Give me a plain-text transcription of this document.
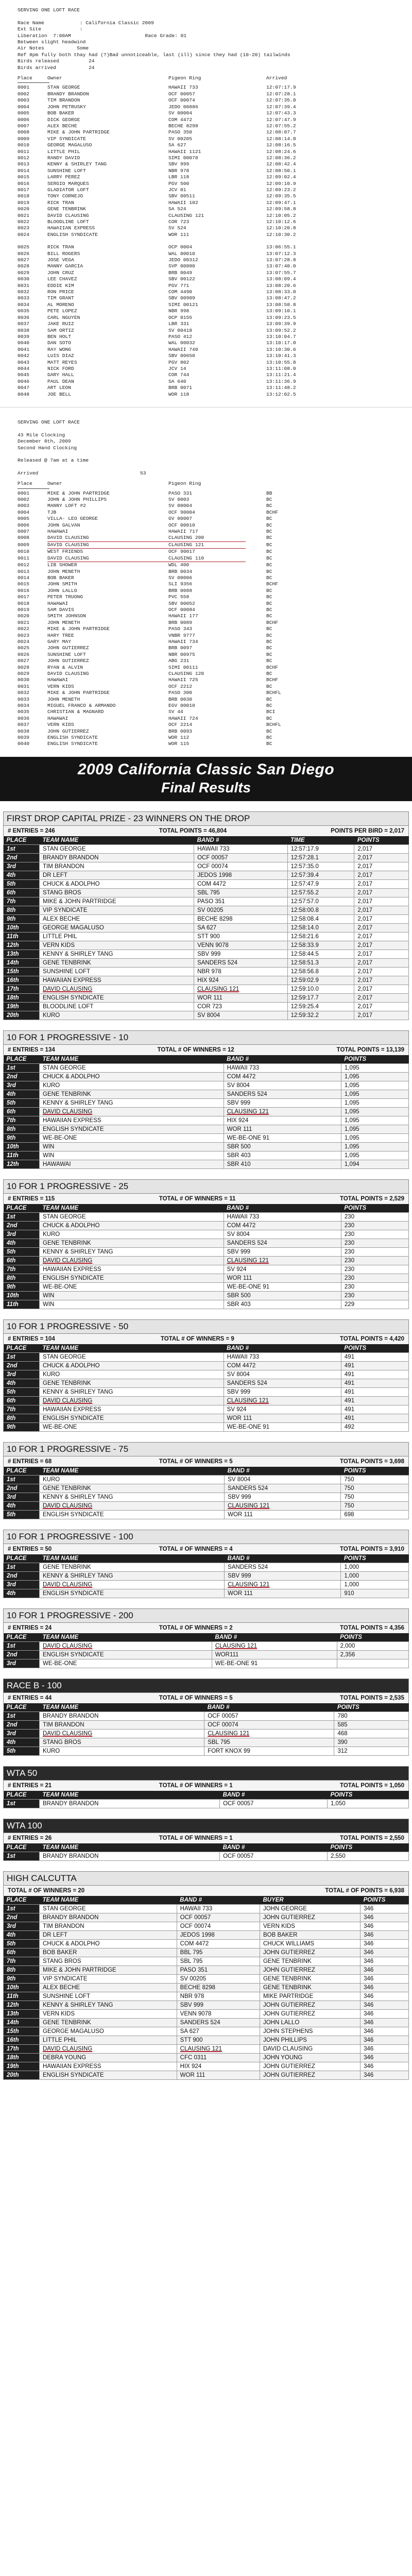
SERVING ONE LOFT RACE

Race Name            : California Classic 2009
Ext Site             :
Liberation  7:00AM                         Race Grade: 01
Between slight headwind
Air Notes           Some
Ref 8pm fully both thay had (?)Bad unnoticeable, last (ill) since they had (10-20) tailwinds
Birds released	24
Birds arrived	24
Place	Owner	Pigeon Ring	Arrived
0001	STAN GEORGE	HAWAII 733	12:07:17.9
0002	BRANDY BRANDON	OCF 00057	12:07:28.1
0003	TIM BRANDON	OCF 00074	12:07:35.0
0004	JOHN PETRUSKY	JEDO 00886	12:07:39.4
0005	BOB BAKER	SV 00004	12:07:43.3
0006	DICK GEORGE	COM 4472	12:07:47.9
0007	ALEX BECHE	BECHE 8298	12:07:55.2
0008	MIKE & JOHN PARTRIDGE	PASO 350	12:08:07.7
0009	VIP SYNDICATE	SV 00205	12:08:14.0
0010	GEORGE MAGALUSO	SA 627	12:08:16.5
0011	LITTLE PHIL	HAWAII 1121	12:08:24.6
0012	RANDY DAVID	SIMI 00070	12:08:36.2
0013	KENNY & SHIRLEY TANG	SBV 999	12:08:42.4
0014	SUNSHINE LOFT	NBR 978	12:08:50.1
0015	LARRY PEREZ	LBR 118	12:09:02.4
0016	SERGIO MARQUES	PGV 500	12:09:10.9
0017	GLADIATOR LOFT	JCV 01	12:09:23.2
0018	TONY CORNEJO	SBV 00511	12:09:35.5
0019	RICK TRAN	HAWAII 102	12:09:47.1
0020	GENE TENBRINK	SA 524	12:09:58.8
0021	DAVID CLAUSING	CLAUSING 121	12:10:05.2
0022	BLOODLINE LOFT	COR 723	12:10:12.6
0023	HAWAIIAN EXPRESS	SV 524	12:10:20.8
0024	ENGLISH SYNDICATE	WOR 111	12:10:30.2
0025	RICK TRAN	OCP 0004	13:06:55.1
0026	BILL ROGERS	WAL 00010	13:07:12.3
0027	JOSE VEGA	JEDO 00312	13:07:28.8
0028	MANNY GARCIA	SVP 00880	13:07:40.0
0029	JOHN CRUZ	BRB 0049	13:07:55.7
0030	LEE CHAVEZ	SBV 00122	13:08:09.4
0031	EDDIE KIM	PGV 771	13:08:20.6
0032	RON PRICE	COM 4490	13:08:33.0
0033	TIM GRANT	SBV 00909	13:08:47.2
0034	AL MORENO	SIMI 00121	13:08:58.8
0035	PETE LOPEZ	NBR 998	13:09:10.1
0036	CARL NGUYEN	OCP 0155	13:09:23.5
0037	JAKE RUIZ	LBR 331	13:09:39.9
0038	SAM ORTIZ	SV 00418	13:09:52.2
0039	BEN HOLT	PASO 412	13:10:04.7
0040	DAN SOTO	WAL 00032	13:10:17.0
0041	RAY WONG	HAWAII 740	13:10:30.6
0042	LUIS DIAZ	SBV 00650	13:10:41.3
0043	MATT REYES	PGV 802	13:10:55.8
0044	NICK FORD	JCV 14	13:11:08.0
0045	GARY HALL	COR 744	13:11:21.4
0046	PAUL DEAN	SA 640	13:11:36.9
0047	ART LEON	BRB 0071	13:11:48.2
0048	JOE BELL	WOR 118	13:12:02.5
SERVING ONE LOFT RACE

43 Mile Clocking
December 8th, 2009
Second Hand Clocking

Released @ 7am at a time
Arrived	53
Place	Owner	Pigeon Ring
0001	MIKE & JOHN PARTRIDGE	PASO 331	BB
0002	JOHN & JOHN PHILLIPS	SV 0003	BC
0003	MANNY LOFT #2	SV 00004	BC
0004	TJB	OCF 90004	BCHF
0005	VILLA- LEO GEORGE	GV 00007	BC
0006	JOHN GALVAN	OCF 00010	BC
0007	HAWAWAI	HAWAII 717	BC
0008	DAVID CLAUSING	CLAUSING 200	BC
0009	DAVID CLAUSING	CLAUSING 121	BC
0010	WEST FRIENDS	OCF 90017	BC
0011	DAVID CLAUSING	CLAUSING 110	BC
0012	LIB SHOWER	WDL 400	BC
0013	JOHN MENETH	BRB 0034	BC
0014	BOB BAKER	SV 00006	BC
0015	JOHN SMITH	SLI 9356	BCHF
0016	JOHN LALLO	BRB 0088	BC
0017	PETER TRUONG	PVC 558	BC
0018	HAWAWAI	SBV 00052	BC
0019	SAM DAVIS	OCF 00084	BC
0020	SMITH JOHNSON	HAWAII 177	BC
0021	JOHN MENETH	BRB 0089	BCHF
0022	MIKE & JOHN PARTRIDGE	PASO 343	BC
0023	HARY TREE	VNBR 9777	BC
0024	GARY MAY	HAWAII 734	BC
0025	JOHN GUTIERREZ	BRB 0097	BC
0026	SUNSHINE LOFT	NBR 00975	BC
0027	JOHN GUTIERREZ	ABG 231	BC
0028	RYAN & ALVIN	SIMI 00111	BCHF
0029	DAVID CLAUSING	CLAUSING 120	BC
0030	HAWAWAI	HAWAII 725	BCHF
0031	VERN KIDS	OCF 2212	BC
0032	MIKE & JOHN PARTRIDGE	PASO 300	BCHFL
0033	JOHN MENETH	BRB 0030	BC
0034	MIGUEL FRANCO & ARMANDO	EGV 00010	BC
0035	CHRISTIAN & MAGNARD	SV 44	BCI
0036	HAWAWAI	HAWAII 724	BC
0037	VERN KIDS	OCF 2214	BCHFL
0038	JOHN GUTIERREZ	BRB 0093	BC
0039	ENGLISH SYNDICATE	WOR 112	BC
0040	ENGLISH SYNDICATE	WOR 115	BC
2009 California Classic San Diego
Final Results
FIRST DROP CAPITAL PRIZE - 23 WINNERS ON THE DROP
# ENTRIES = 246	TOTAL POINTS = 46,804	POINTS PER BIRD = 2,017
PLACE	TEAM NAME	BAND #	TIME	POINTS
1st	STAN GEORGE	HAWAII 733	12:57:17.9	2,017
2nd	BRANDY BRANDON	OCF 00057	12:57:28.1	2,017
3rd	TIM BRANDON	OCF 00074	12:57:35.0	2,017
4th	DR LEFT	JEDOS 1998	12:57:39.4	2,017
5th	CHUCK & ADOLPHO	COM 4472	12:57:47.9	2,017
6th	STANG BROS	SBL 795	12:57:55.2	2,017
7th	MIKE & JOHN PARTRIDGE	PASO 351	12:57:57.0	2,017
8th	VIP SYNDICATE	SV 00205	12:58:00.8	2,017
9th	ALEX BECHE	BECHE 8298	12:58:08.4	2,017
10th	GEORGE MAGALUSO	SA 627	12:58:14.0	2,017
11th	LITTLE PHIL	STT 900	12:58:21.6	2,017
12th	VERN KIDS	VENN 9078	12:58:33.9	2,017
13th	KENNY & SHIRLEY TANG	SBV 999	12:58:44.5	2,017
14th	GENE TENBRINK	SANDERS 524	12:58:51.3	2,017
15th	SUNSHINE LOFT	NBR 978	12:58:56.8	2,017
16th	HAWAIIAN EXPRESS	HIX 924	12:59:02.9	2,017
17th	DAVID CLAUSING	CLAUSING 121	12:59:10.0	2,017
18th	ENGLISH SYNDICATE	WOR 111	12:59:17.7	2,017
19th	BLOODLINE LOFT	COR 723	12:59:25.4	2,017
20th	KURO	SV 8004	12:59:32.2	2,017
10 FOR 1 PROGRESSIVE - 10
# ENTRIES = 134	TOTAL # OF WINNERS = 12	TOTAL POINTS = 13,139
PLACE	TEAM NAME	BAND #	POINTS
1st	STAN GEORGE	HAWAII 733	1,095
2nd	CHUCK & ADOLPHO	COM 4472	1,095
3rd	KURO	SV 8004	1,095
4th	GENE TENBRINK	SANDERS 524	1,095
5th	KENNY & SHIRLEY TANG	SBV 999	1,095
6th	DAVID CLAUSING	CLAUSING 121	1,095
7th	HAWAIIAN EXPRESS	HIX 924	1,095
8th	ENGLISH SYNDICATE	WOR 111	1,095
9th	WE-BE-ONE	WE-BE-ONE 91	1,095
10th	WIN	SBR 500	1,095
11th	WIN	SBR 403	1,095
12th	HAWAWAI	SBR 410	1,094
10 FOR 1 PROGRESSIVE - 25
# ENTRIES = 115	TOTAL # OF WINNERS = 11	TOTAL POINTS = 2,529
PLACE	TEAM NAME	BAND #	POINTS
1st	STAN GEORGE	HAWAII 733	230
2nd	CHUCK & ADOLPHO	COM 4472	230
3rd	KURO	SV 8004	230
4th	GENE TENBRINK	SANDERS 524	230
5th	KENNY & SHIRLEY TANG	SBV 999	230
6th	DAVID CLAUSING	CLAUSING 121	230
7th	HAWAIIAN EXPRESS	SV 924	230
8th	ENGLISH SYNDICATE	WOR 111	230
9th	WE-BE-ONE	WE-BE-ONE 91	230
10th	WIN	SBR 500	230
11th	WIN	SBR 403	229
10 FOR 1 PROGRESSIVE - 50
# ENTRIES = 104	TOTAL # OF WINNERS = 9	TOTAL POINTS = 4,420
PLACE	TEAM NAME	BAND #	POINTS
1st	STAN GEORGE	HAWAII 733	491
2nd	CHUCK & ADOLPHO	COM 4472	491
3rd	KURO	SV 8004	491
4th	GENE TENBRINK	SANDERS 524	491
5th	KENNY & SHIRLEY TANG	SBV 999	491
6th	DAVID CLAUSING	CLAUSING 121	491
7th	HAWAIIAN EXPRESS	SV 924	491
8th	ENGLISH SYNDICATE	WOR 111	491
9th	WE-BE-ONE	WE-BE-ONE 91	492
10 FOR 1 PROGRESSIVE - 75
# ENTRIES = 68	TOTAL # OF WINNERS = 5	TOTAL POINTS = 3,698
PLACE	TEAM NAME	BAND #	POINTS
1st	KURO	SV 8004	750
2nd	GENE TENBRINK	SANDERS 524	750
3rd	KENNY & SHIRLEY TANG	SBV 999	750
4th	DAVID CLAUSING	CLAUSING 121	750
5th	ENGLISH SYNDICATE	WOR 111	698
10 FOR 1 PROGRESSIVE - 100
# ENTRIES = 50	TOTAL # OF WINNERS = 4	TOTAL POINTS = 3,910
PLACE	TEAM NAME	BAND #	POINTS
1st	GENE TENBRINK	SANDERS 524	1,000
2nd	KENNY & SHIRLEY TANG	SBV 999	1,000
3rd	DAVID CLAUSING	CLAUSING 121	1,000
4th	ENGLISH SYNDICATE	WOR 111	910
10 FOR 1 PROGRESSIVE - 200
# ENTRIES = 24	TOTAL # OF WINNERS = 2	TOTAL POINTS = 4,356
PLACE	TEAM NAME	BAND #	POINTS
1st	DAVID CLAUSING	CLAUSING 121	2,000
2nd	ENGLISH SYNDICATE	WOR111	2,356
3rd	WE-BE-ONE	WE-BE-ONE 91	
RACE B - 100
# ENTRIES = 44	TOTAL # OF WINNERS = 5	TOTAL POINTS = 2,535
PLACE	TEAM NAME	BAND #	POINTS
1st	BRANDY BRANDON	OCF 00057	780
2nd	TIM BRANDON	OCF 00074	585
3rd	DAVID CLAUSING	CLAUSING 121	468
4th	STANG BROS	SBL 795	390
5th	KURO	FORT KNOX 99	312
WTA 50
# ENTRIES = 21	TOTAL # OF WINNERS = 1	TOTAL POINTS = 1,050
PLACE	TEAM NAME	BAND #	POINTS
1st	BRANDY BRANDON	OCF 00057	1,050
WTA 100
# ENTRIES = 26	TOTAL # OF WINNERS = 1	TOTAL POINTS = 2,550
PLACE	TEAM NAME	BAND #	POINTS
1st	BRANDY BRANDON	OCF 00057	2,550
HIGH CALCUTTA
TOTAL # OF WINNERS = 20	TOTAL # OF POINTS = 6,938
PLACE	TEAM NAME	BAND #	BUYER	POINTS
1st	STAN GEORGE	HAWAII 733	JOHN GEORGE	346
2nd	BRANDY BRANDON	OCF 00057	JOHN GUTIERREZ	346
3rd	TIM BRANDON	OCF 00074	VERN KIDS	346
4th	DR LEFT	JEDOS 1998	BOB BAKER	346
5th	CHUCK & ADOLPHO	COM 4472	CHUCK WILLIAMS	346
6th	BOB BAKER	BBL 795	JOHN GUTIERREZ	346
7th	STANG BROS	SBL 795	GENE TENBRINK	346
8th	MIKE & JOHN PARTRIDGE	PASO 351	JOHN GUTIERREZ	346
9th	VIP SYNDICATE	SV 00205	GENE TENBRINK	346
10th	ALEX BECHE	BECHE 8298	GENE TENBRINK	346
11th	SUNSHINE LOFT	NBR 978	MIKE PARTRIDGE	346
12th	KENNY & SHIRLEY TANG	SBV 999	JOHN GUTIERREZ	346
13th	VERN KIDS	VENN 9078	JOHN GUTIERREZ	346
14th	GENE TENBRINK	SANDERS 524	JOHN LALLO	346
15th	GEORGE MAGALUSO	SA 627	JOHN STEPHENS	346
16th	LITTLE PHIL	STT 900	JOHN PHILLIPS	346
17th	DAVID CLAUSING	CLAUSING 121	DAVID CLAUSING	346
18th	DEBRA YOUNG	CFC 0311	JOHN YOUNG	346
19th	HAWAIIAN EXPRESS	HIX 924	JOHN GUTIERREZ	346
20th	ENGLISH SYNDICATE	WOR 111	JOHN GUTIERREZ	346
